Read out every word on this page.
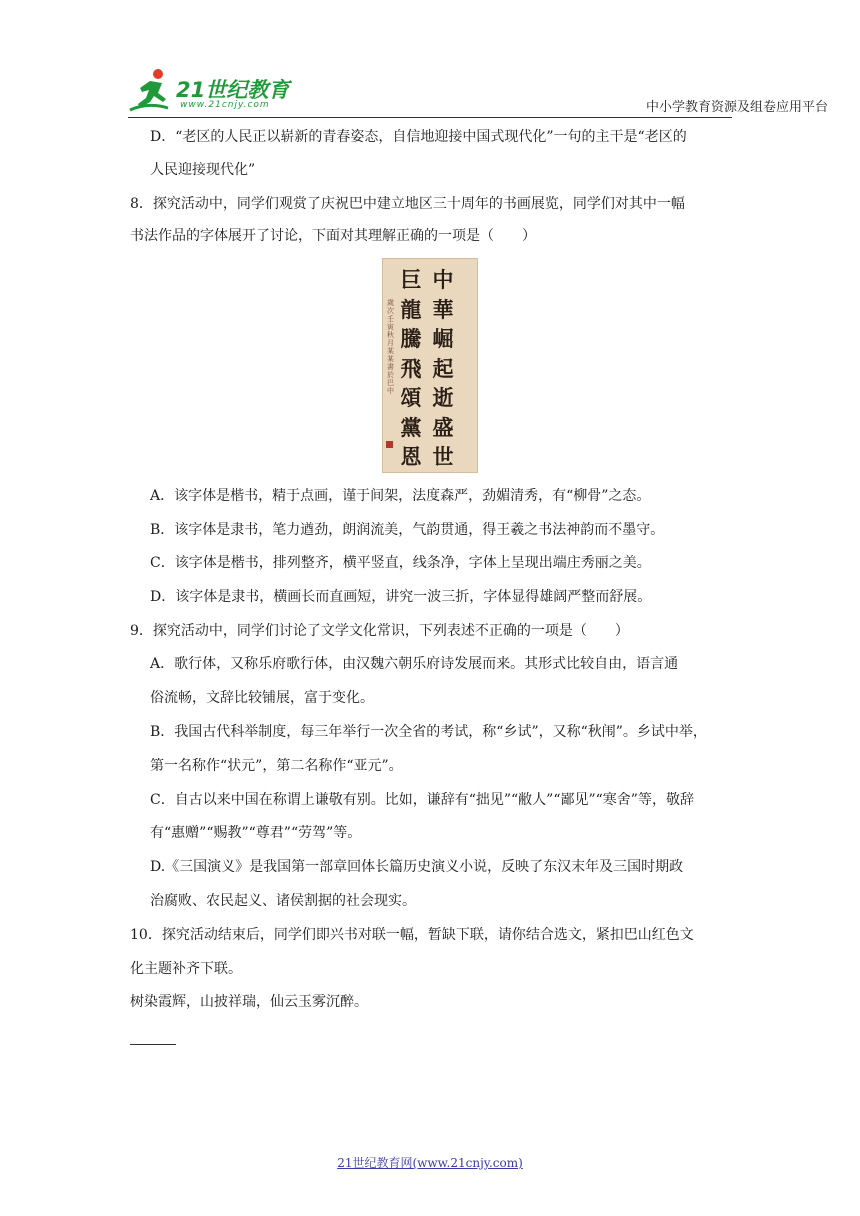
21世纪教育
www.21cnjy.com	中小学教育资源及组卷应用平台
D．“老区的人民正以崭新的青春姿态，自信地迎接中国式现代化”一句的主干是“老区的
人民迎接现代化”
8．探究活动中，同学们观赏了庆祝巴中建立地区三十周年的书画展览，同学们对其中一幅
书法作品的字体展开了讨论，下面对其理解正确的一项是（　　）
中
華
崛
起
逝
盛
世
巨
龍
騰
飛
頌
黨
恩
歲次壬寅秋月某某書於巴中
A．该字体是楷书，精于点画，谨于间架，法度森严，劲媚清秀，有“柳骨”之态。
B．该字体是隶书，笔力遒劲，朗润流美，气韵贯通，得王羲之书法神韵而不墨守。
C．该字体是楷书，排列整齐，横平竖直，线条净，字体上呈现出端庄秀丽之美。
D．该字体是隶书，横画长而直画短，讲究一波三折，字体显得雄阔严整而舒展。
9．探究活动中，同学们讨论了文学文化常识，下列表述不正确的一项是（　　）
A．歌行体，又称乐府歌行体，由汉魏六朝乐府诗发展而来。其形式比较自由，语言通
俗流畅，文辞比较铺展，富于变化。
B．我国古代科举制度，每三年举行一次全省的考试，称“乡试”，又称“秋闱”。乡试中举，
第一名称作“状元”，第二名称作“亚元”。
C．自古以来中国在称谓上谦敬有别。比如，谦辞有“拙见”“敝人”“鄙见”“寒舍”等，敬辞
有“惠赠”“赐教”“尊君”“劳驾”等。
D.《三国演义》是我国第一部章回体长篇历史演义小说，反映了东汉末年及三国时期政
治腐败、农民起义、诸侯割据的社会现实。
10．探究活动结束后，同学们即兴书对联一幅，暂缺下联，请你结合选文，紧扣巴山红色文
化主题补齐下联。
树染霞辉，山披祥瑞，仙云玉雾沉醉。
21世纪教育网(www.21cnjy.com)
